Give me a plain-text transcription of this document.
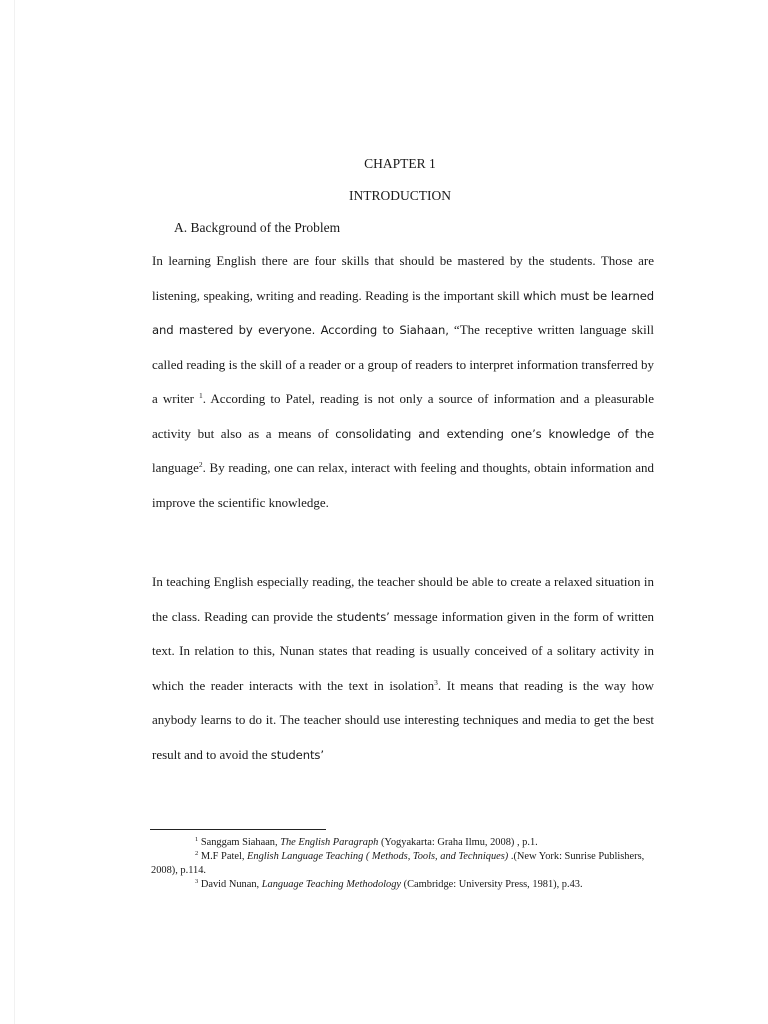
CHAPTER 1
INTRODUCTION
A. Background of the Problem

In learning English there are four skills that should be mastered by the students. Those are listening, speaking, writing and reading. Reading is the important skill which must be learned and mastered by everyone. According to Siahaan, “The receptive written language skill called reading is the skill of a reader or a group of readers to interpret information transferred by a writer $^1$. According to Patel, reading is not only a source of information and a pleasurable activity but also as a means of consolidating and extending one’s knowledge of the language$^2$. By reading, one can relax, interact with feeling and thoughts, obtain information and improve the scientific knowledge.

In teaching English especially reading, the teacher should be able to create a relaxed situation in the class. Reading can provide the students’ message information given in the form of written text. In relation to this, Nunan states that reading is usually conceived of a solitary activity in which the reader interacts with the text in isolation$^3$. It means that reading is the way how anybody learns to do it. The teacher should use interesting techniques and media to get the best result and to avoid the students’

$^1$ Sanggam Siahaan, The English Paragraph (Yogyakarta: Graha Ilmu, 2008) , p.1.

$^2$ M.F Patel, English Language Teaching ( Methods, Tools, and Techniques) .(New York: Sunrise Publishers, 2008), p.114.

$^3$ David Nunan, Language Teaching Methodology (Cambridge: University Press, 1981), p.43.
